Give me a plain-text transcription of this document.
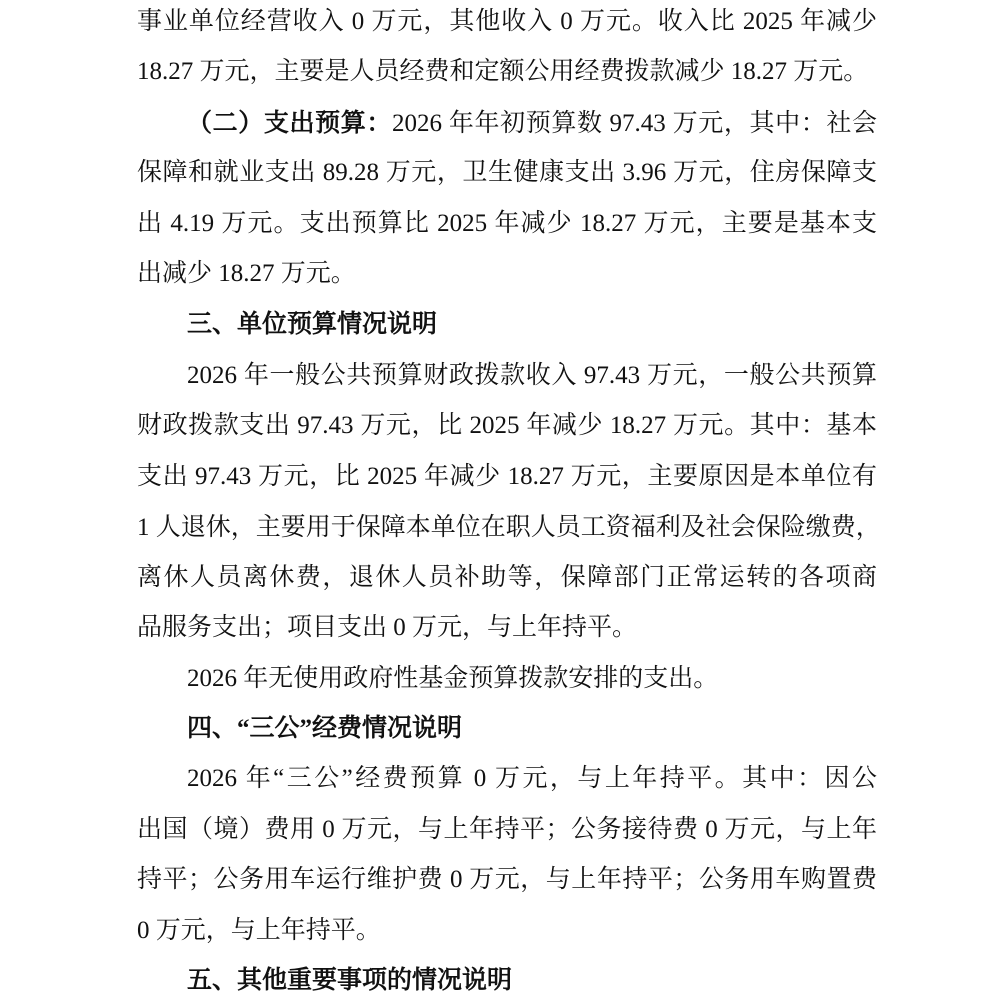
事业单位经营收入 0 万元，其他收入 0 万元。收入比 2025 年减少
18.27 万元，主要是人员经费和定额公用经费拨款减少 18.27 万元。
（二）支出预算：2026 年年初预算数 97.43 万元，其中：社会
保障和就业支出 89.28 万元，卫生健康支出 3.96 万元，住房保障支
出 4.19 万元。支出预算比 2025 年减少 18.27 万元，主要是基本支
出减少 18.27 万元。
三、单位预算情况说明
2026 年一般公共预算财政拨款收入 97.43 万元，一般公共预算
财政拨款支出 97.43 万元，比 2025 年减少 18.27 万元。其中：基本
支出 97.43 万元，比 2025 年减少 18.27 万元，主要原因是本单位有
1 人退休，主要用于保障本单位在职人员工资福利及社会保险缴费，
离休人员离休费，退休人员补助等，保障部门正常运转的各项商
品服务支出；项目支出 0 万元，与上年持平。
2026 年无使用政府性基金预算拨款安排的支出。
四、“三公”经费情况说明
2026 年“三公”经费预算 0 万元，与上年持平。其中：因公
出国（境）费用 0 万元，与上年持平；公务接待费 0 万元，与上年
持平；公务用车运行维护费 0 万元，与上年持平；公务用车购置费
0 万元，与上年持平。
五、其他重要事项的情况说明
